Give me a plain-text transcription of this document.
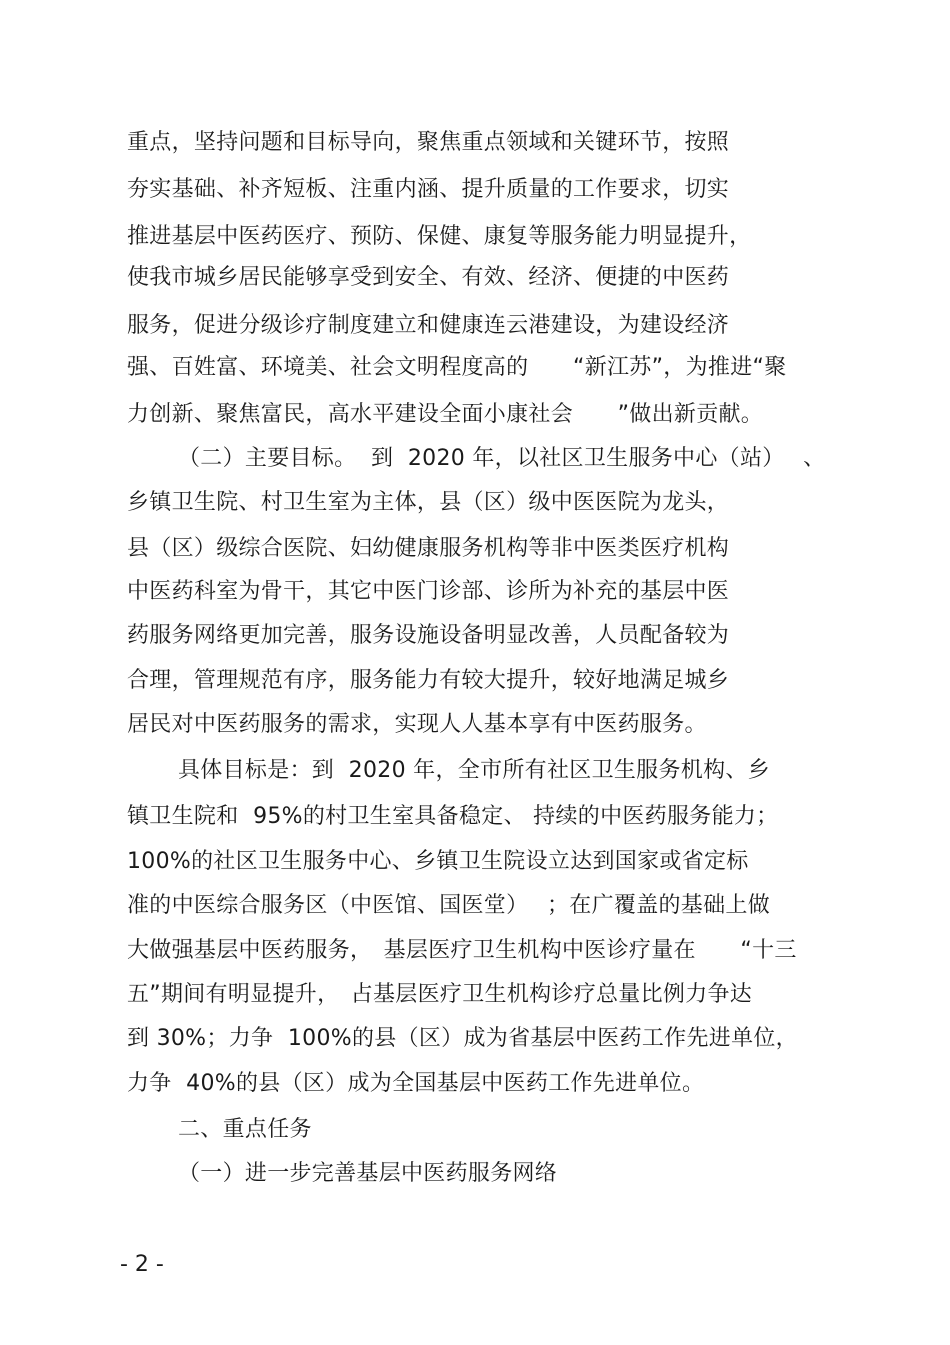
重点，坚持问题和目标导向，聚焦重点领域和关键环节，按照
夯实基础、补齐短板、注重内涵、提升质量的工作要求，切实
推进基层中医药医疗、预防、保健、康复等服务能力明显提升，
使我市城乡居民能够享受到安全、有效、经济、便捷的中医药
服务，促进分级诊疗制度建立和健康连云港建设，为建设经济
强、百姓富、环境美、社会文明程度高的　　“新江苏”，为推进“聚
力创新、聚焦富民，高水平建设全面小康社会　　”做出新贡献。
（二）主要目标。  到  2020 年，以社区卫生服务中心（站）　 、
乡镇卫生院、村卫生室为主体，县（区）级中医医院为龙头，
县（区）级综合医院、妇幼健康服务机构等非中医类医疗机构
中医药科室为骨干，其它中医门诊部、诊所为补充的基层中医
药服务网络更加完善，服务设施设备明显改善，人员配备较为
合理，管理规范有序，服务能力有较大提升，较好地满足城乡
居民对中医药服务的需求，实现人人基本享有中医药服务。
具体目标是：到  2020 年，全市所有社区卫生服务机构、乡
镇卫生院和  95%的村卫生室具备稳定、 持续的中医药服务能力；
100%的社区卫生服务中心、乡镇卫生院设立达到国家或省定标
准的中医综合服务区（中医馆、国医堂）　 ；在广覆盖的基础上做
大做强基层中医药服务，　基层医疗卫生机构中医诊疗量在　　“十三
五”期间有明显提升，　占基层医疗卫生机构诊疗总量比例力争达
到 30%；力争  100%的县（区）成为省基层中医药工作先进单位，
力争  40%的县（区）成为全国基层中医药工作先进单位。
二、重点任务
（一）进一步完善基层中医药服务网络
- 2 -
